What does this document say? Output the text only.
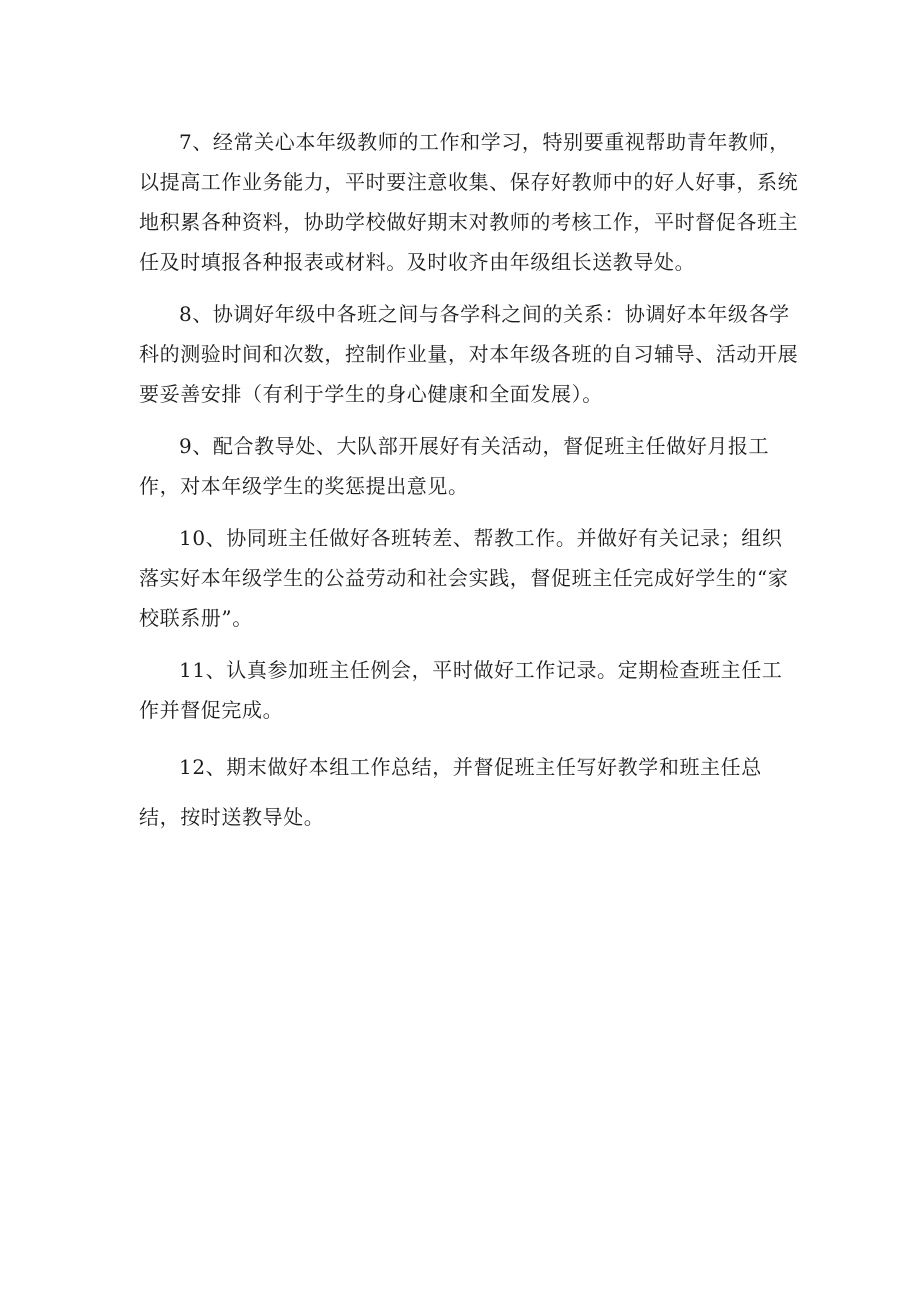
7、经常关心本年级教师的工作和学习，特别要重视帮助青年教师，以提高工作业务能力，平时要注意收集、保存好教师中的好人好事，系统地积累各种资料，协助学校做好期末对教师的考核工作，平时督促各班主任及时填报各种报表或材料。及时收齐由年级组长送教导处。

8、协调好年级中各班之间与各学科之间的关系：协调好本年级各学科的测验时间和次数，控制作业量，对本年级各班的自习辅导、活动开展要妥善安排（有利于学生的身心健康和全面发展）。

9、配合教导处、大队部开展好有关活动，督促班主任做好月报工作，对本年级学生的奖惩提出意见。

10、协同班主任做好各班转差、帮教工作。并做好有关记录；组织落实好本年级学生的公益劳动和社会实践，督促班主任完成好学生的“家校联系册”。

11、认真参加班主任例会，平时做好工作记录。定期检查班主任工作并督促完成。

12、期末做好本组工作总结，并督促班主任写好教学和班主任总结，按时送教导处。
